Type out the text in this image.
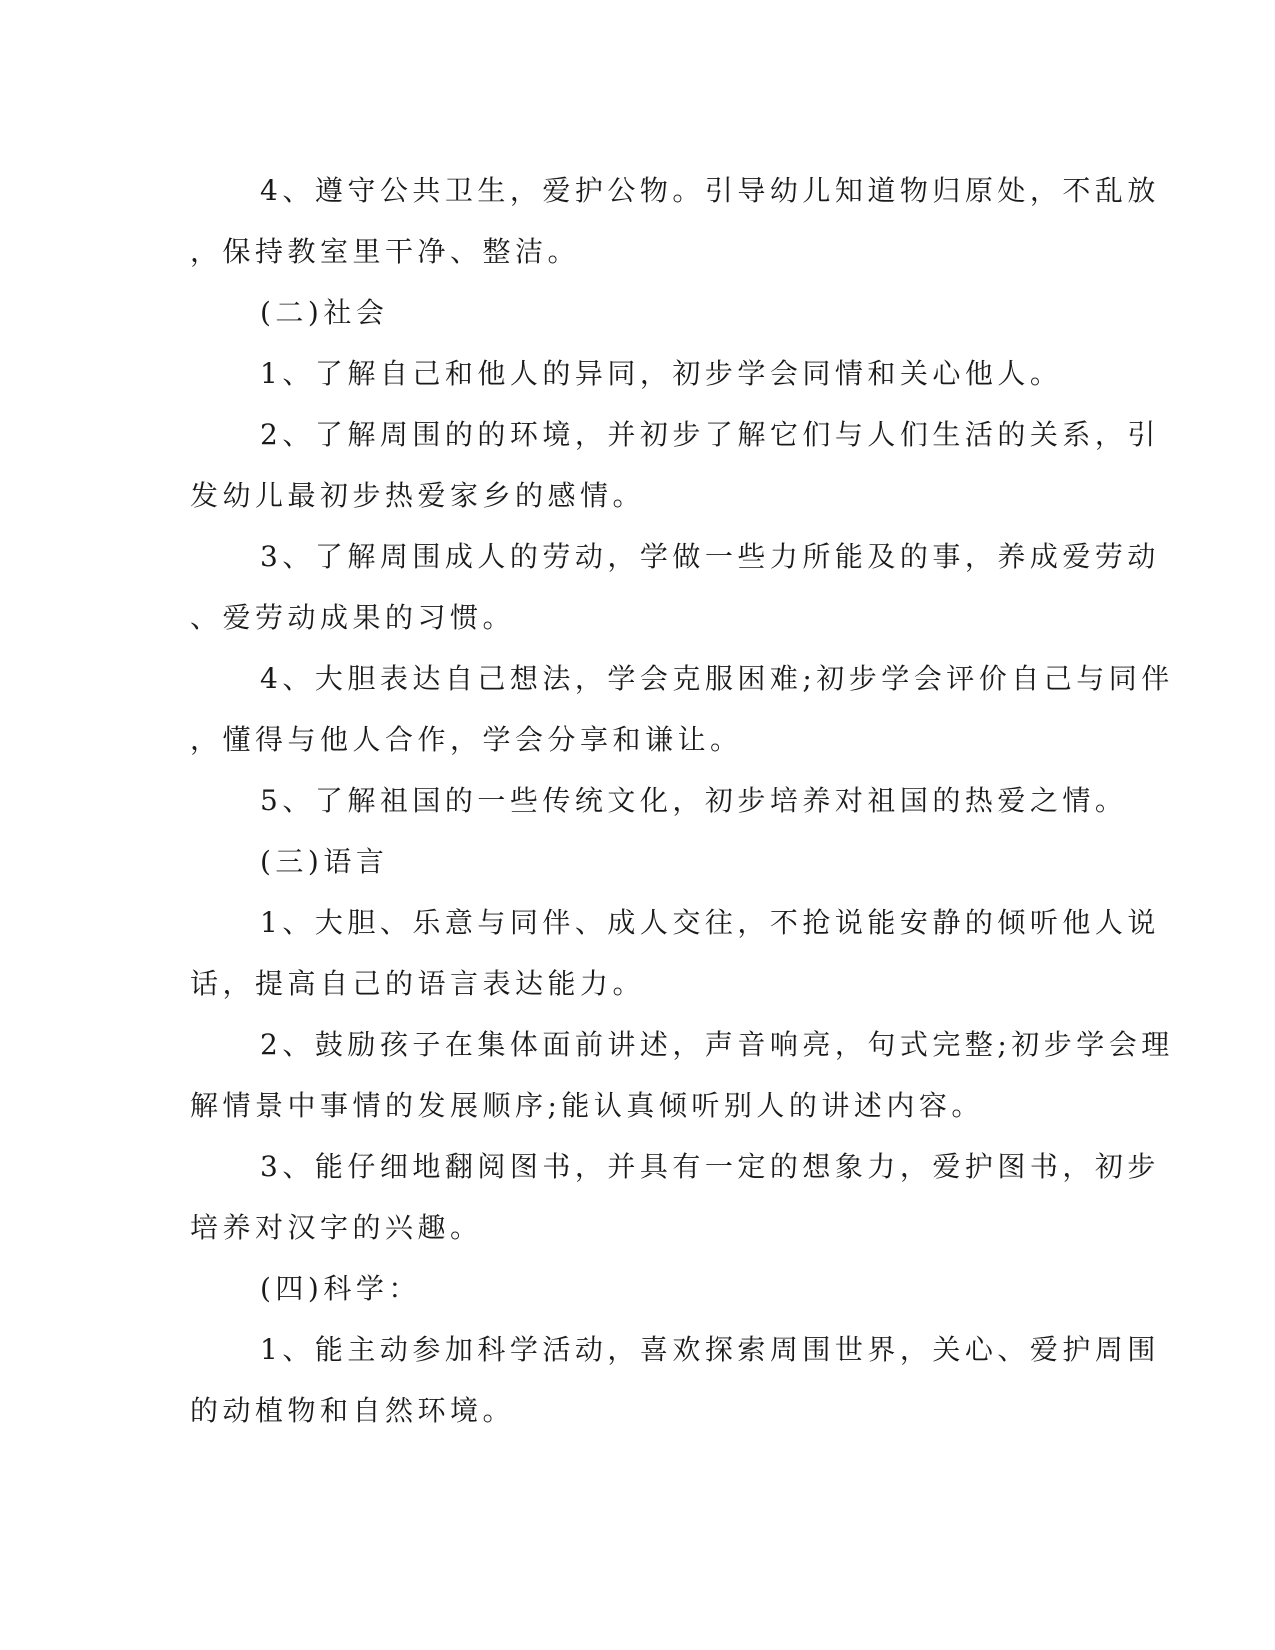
4、遵守公共卫生，爱护公物。引导幼儿知道物归原处，不乱放
，保持教室里干净、整洁。
(二)社会
1、了解自己和他人的异同，初步学会同情和关心他人。
2、了解周围的的环境，并初步了解它们与人们生活的关系，引
发幼儿最初步热爱家乡的感情。
3、了解周围成人的劳动，学做一些力所能及的事，养成爱劳动
、爱劳动成果的习惯。
4、大胆表达自己想法，学会克服困难;初步学会评价自己与同伴
，懂得与他人合作，学会分享和谦让。
5、了解祖国的一些传统文化，初步培养对祖国的热爱之情。
(三)语言
1、大胆、乐意与同伴、成人交往，不抢说能安静的倾听他人说
话，提高自己的语言表达能力。
2、鼓励孩子在集体面前讲述，声音响亮，句式完整;初步学会理
解情景中事情的发展顺序;能认真倾听别人的讲述内容。
3、能仔细地翻阅图书，并具有一定的想象力，爱护图书，初步
培养对汉字的兴趣。
(四)科学：
1、能主动参加科学活动，喜欢探索周围世界，关心、爱护周围
的动植物和自然环境。
